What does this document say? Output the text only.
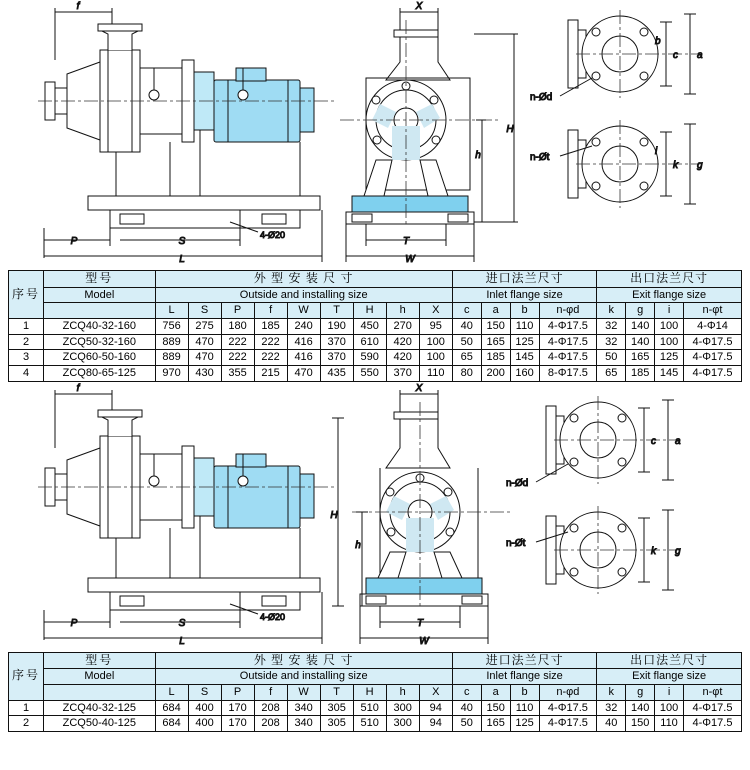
f
P	S
L
4-Ø20
X
H
h
T
W
c a
b
n-Ød
k g
i
n-Øt
序号	型号	外 型 安 装 尺 寸									进口法兰尺寸				出口法兰尺寸			
	Model	Outside and installing size									Inlet flange size				Exit flange size			
		L	S	P	f	W	T	H	h	X	c	a	b	n-φd	k	g	i	n-φt
1	ZCQ40-32-160	756	275	180	185	240	190	450	270	95	40	150	110	4-Φ17.5	32	140	100	4-Φ14
2	ZCQ50-32-160	889	470	222	222	416	370	610	420	100	50	165	125	4-Φ17.5	32	140	100	4-Φ17.5
3	ZCQ60-50-160	889	470	222	222	416	370	590	420	100	65	185	145	4-Φ17.5	50	165	125	4-Φ17.5
4	ZCQ80-65-125	970	430	355	215	470	435	550	370	110	80	200	160	8-Φ17.5	65	185	145	4-Φ17.5
f
P	S
L
4-Ø20
X
H
h
T
W
c a
n-Ød
k g
n-Øt
序号	型号	外 型 安 装 尺 寸									进口法兰尺寸				出口法兰尺寸			
	Model	Outside and installing size									Inlet flange size				Exit flange size			
		L	S	P	f	W	T	H	h	X	c	a	b	n-φd	k	g	i	n-φt
1	ZCQ40-32-125	684	400	170	208	340	305	510	300	94	40	150	110	4-Φ17.5	32	140	100	4-Φ17.5
2	ZCQ50-40-125	684	400	170	208	340	305	510	300	94	50	165	125	4-Φ17.5	40	150	110	4-Φ17.5
